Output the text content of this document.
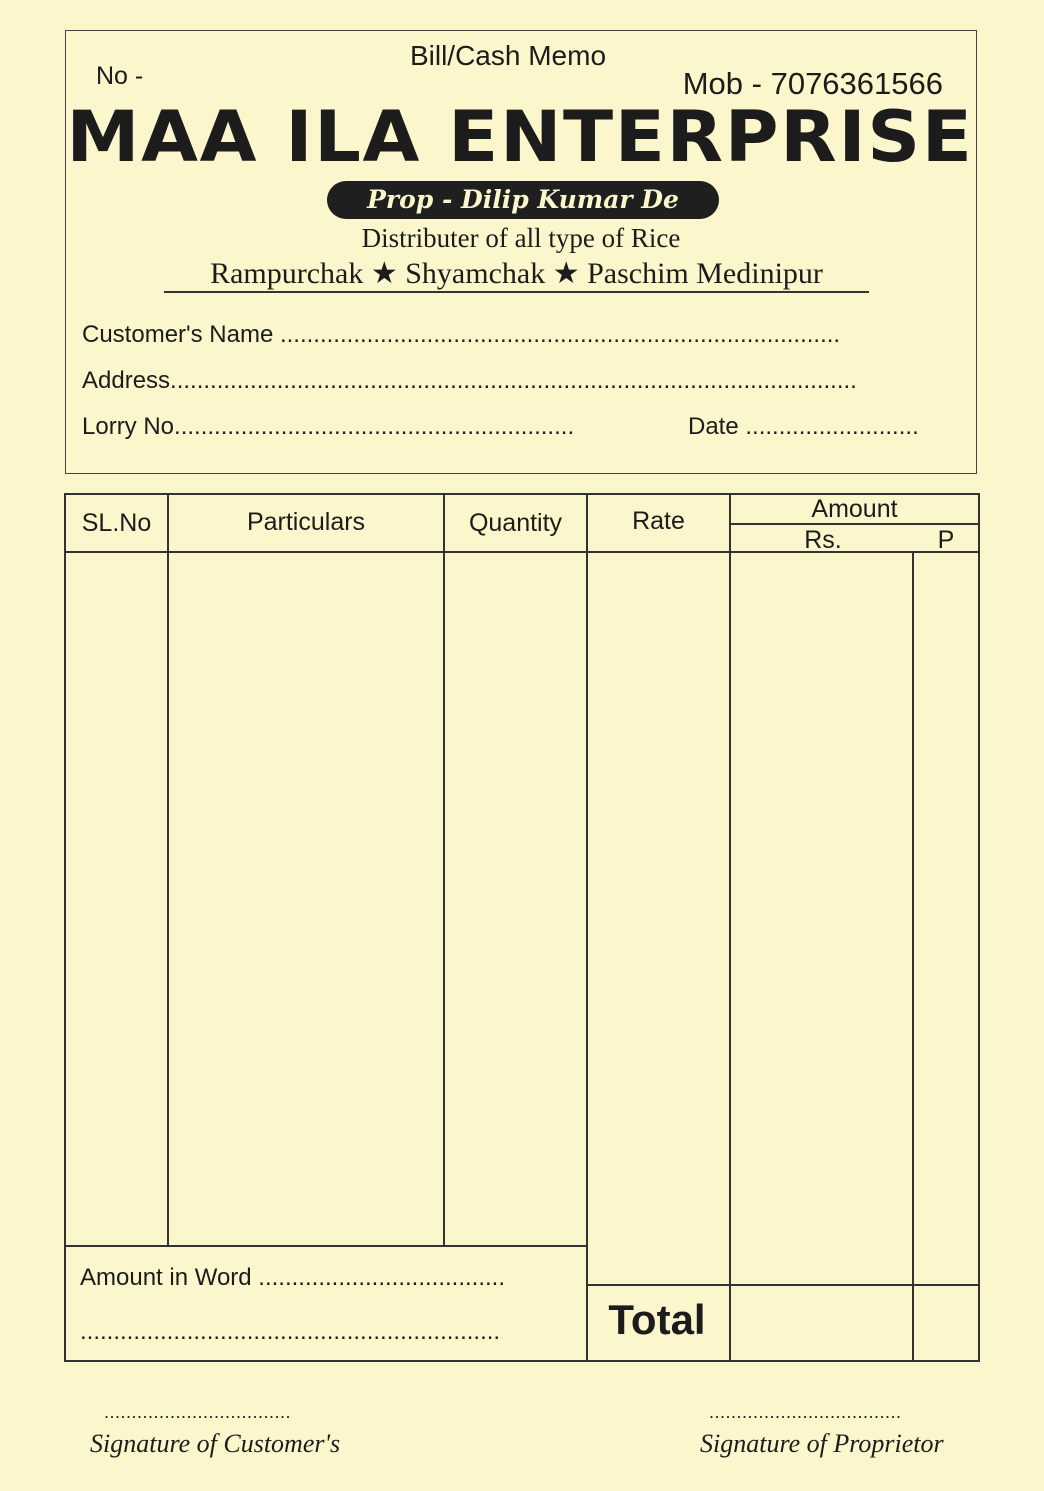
Bill/Cash Memo
No -	Mob - 7076361566
MAA ILA ENTERPRISE
Prop - Dilip Kumar De
Distributer of all type of Rice
Rampurchak ★ Shyamchak ★ Paschim Medinipur
Customer's Name ....................................................................................
Address.......................................................................................................
Lorry No............................................................	Date ..........................
SL.No	Particulars	Quantity	Rate	Amount
Rs.	P
Amount in Word .....................................
...............................................................	Total
..................................
Signature of Customer's
...................................
Signature of Proprietor
